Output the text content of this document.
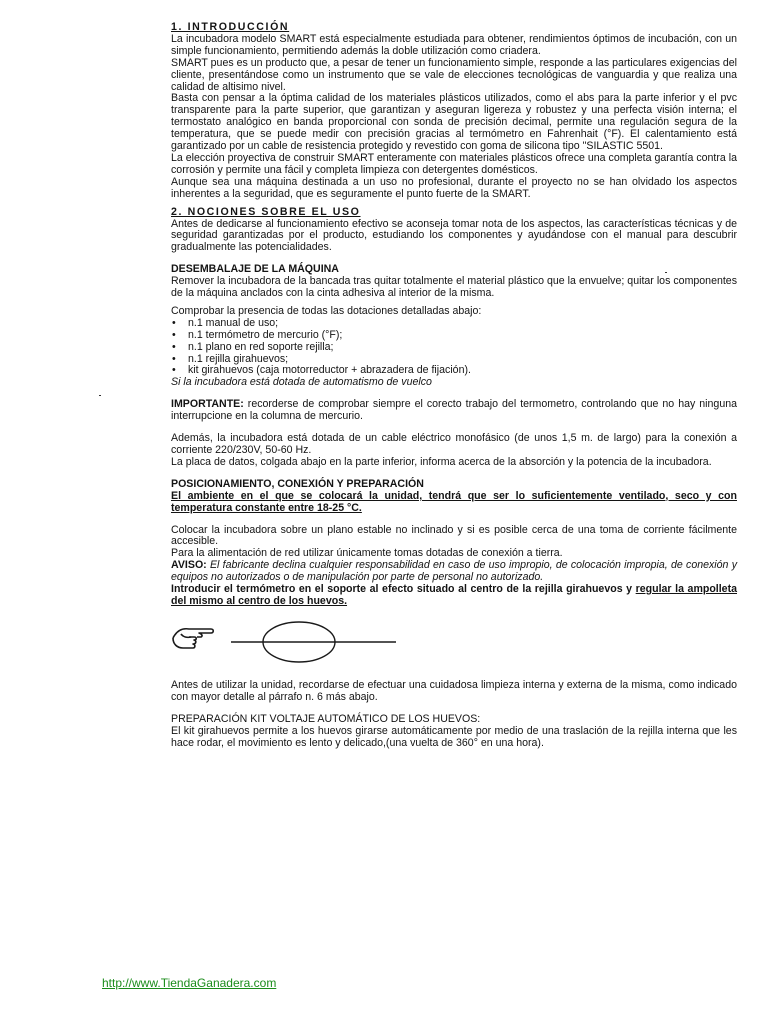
1. INTRODUCCIÓN

La incubadora modelo SMART está especialmente estudiada para obtener, rendimientos óptimos de incubación, con un simple funcionamiento, permitiendo además la doble utilización como criadera.

SMART pues es un producto que, a pesar de tener un funcionamiento simple, responde a las particulares exigencias del cliente, presentándose como un instrumento que se vale de elecciones tecnológicas de vanguardia y que realiza una calidad de altisimo nivel.

Basta con pensar a la óptima calidad de los materiales plásticos utilizados, como el abs para la parte inferior y el pvc transparente para la parte superior, que garantizan y aseguran ligereza y robustez y una perfecta visión interna; el termostato analógico en banda proporcional con sonda de precisión decimal, permite una regulación segura de la temperatura, que se puede medir con precisión gracias al termómetro en Fahrenhait (°F). El calentamiento está garantizado por un cable de resistencia protegido y revestido con goma de silicona tipo "SILASTIC 5501.

La elección proyectiva de construir SMART enteramente con materiales plásticos ofrece una completa garantía contra la corrosión y permite una fácil y completa limpieza con detergentes domésticos.

Aunque sea una máquina destinada a un uso no profesional, durante el proyecto no se han olvidado los aspectos inherentes a la seguridad, que es seguramente el punto fuerte de la SMART.

2. NOCIONES SOBRE EL USO

Antes de dedicarse al funcionamiento efectivo se aconseja tomar nota de los aspectos, las características técnicas y de seguridad garantizadas por el producto, estudiando los componentes y ayudándose con el manual para descubrir gradualmente las potencialidades.

DESEMBALAJE DE LA MÁQUINA

Remover la incubadora de la bancada tras quitar totalmente el material plástico que la envuelve; quitar los componentes de la máquina anclados con la cinta adhesiva al interior de la misma.

Comprobar la presencia de todas las dotaciones detalladas abajo:

• n.1 manual de uso;
• n.1 termómetro de mercurio (°F);
• n.1 plano en red soporte rejilla;
• n.1 rejilla girahuevos;
• kit girahuevos (caja motorreductor + abrazadera de fijación).

Si la incubadora está dotada de automatismo de vuelco

IMPORTANTE: recorderse de comprobar siempre el corecto trabajo del termometro, controlando que no hay ninguna interrupcione en la columna de mercurio.

Además, la incubadora está dotada de un cable eléctrico monofásico (de unos 1,5 m. de largo) para la conexión a corriente 220/230V, 50-60 Hz.

La placa de datos, colgada abajo en la parte inferior, informa acerca de la absorción y la potencia de la incubadora.

POSICIONAMIENTO, CONEXIÓN Y PREPARACIÓN

El ambiente en el que se colocará la unidad, tendrá que ser lo suficientemente ventilado, seco y con temperatura constante entre 18-25 °C.

Colocar la incubadora sobre un plano estable no inclinado y si es posible cerca de una toma de corriente fácilmente accesible.

Para la alimentación de red utilizar únicamente tomas dotadas de conexión a tierra.

AVISO: El fabricante declina cualquier responsabilidad en caso de uso impropio, de colocación impropia, de conexión y equipos no autorizados o de manipulación por parte de personal no autorizado.

Introducir el termómetro en el soporte al efecto situado al centro de la rejilla girahuevos y regular la ampolleta del mismo al centro de los huevos.

Antes de utilizar la unidad, recordarse de efectuar una cuidadosa limpieza interna y externa de la misma, como indicado con mayor detalle al párrafo n. 6 más abajo.

PREPARACIÓN KIT VOLTAJE AUTOMÁTICO DE LOS HUEVOS:

El kit girahuevos permite a los huevos girarse automáticamente por medio de una traslación de la rejilla interna que les hace rodar, el movimiento es lento y delicado,(una vuelta de 360° en una hora).

http://www.TiendaGanadera.com
